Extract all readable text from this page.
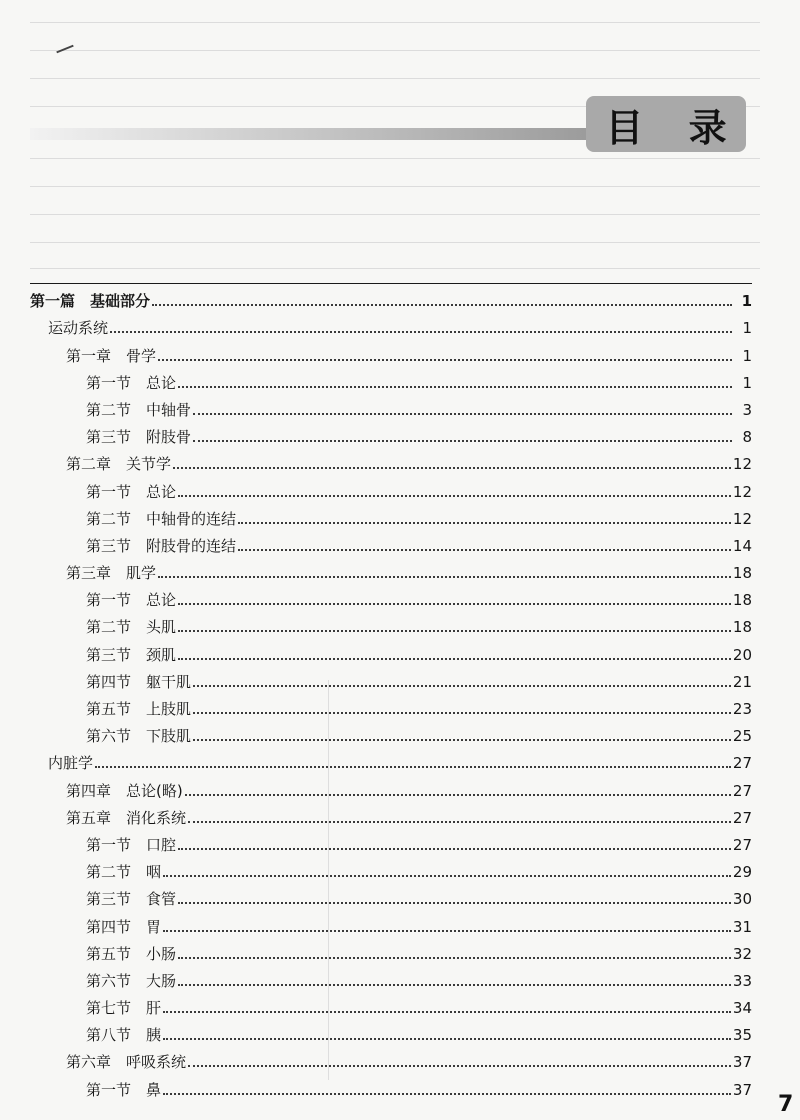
目 录
第一篇　基础部分	1
运动系统	1
第一章　骨学	1
第一节　总论	1
第二节　中轴骨	3
第三节　附肢骨	8
第二章　关节学	12
第一节　总论	12
第二节　中轴骨的连结	12
第三节　附肢骨的连结	14
第三章　肌学	18
第一节　总论	18
第二节　头肌	18
第三节　颈肌	20
第四节　躯干肌	21
第五节　上肢肌	23
第六节　下肢肌	25
内脏学	27
第四章　总论(略)	27
第五章　消化系统	27
第一节　口腔	27
第二节　咽	29
第三节　食管	30
第四节　胃	31
第五节　小肠	32
第六节　大肠	33
第七节　肝	34
第八节　胰	35
第六章　呼吸系统	37
第一节　鼻	37
7
